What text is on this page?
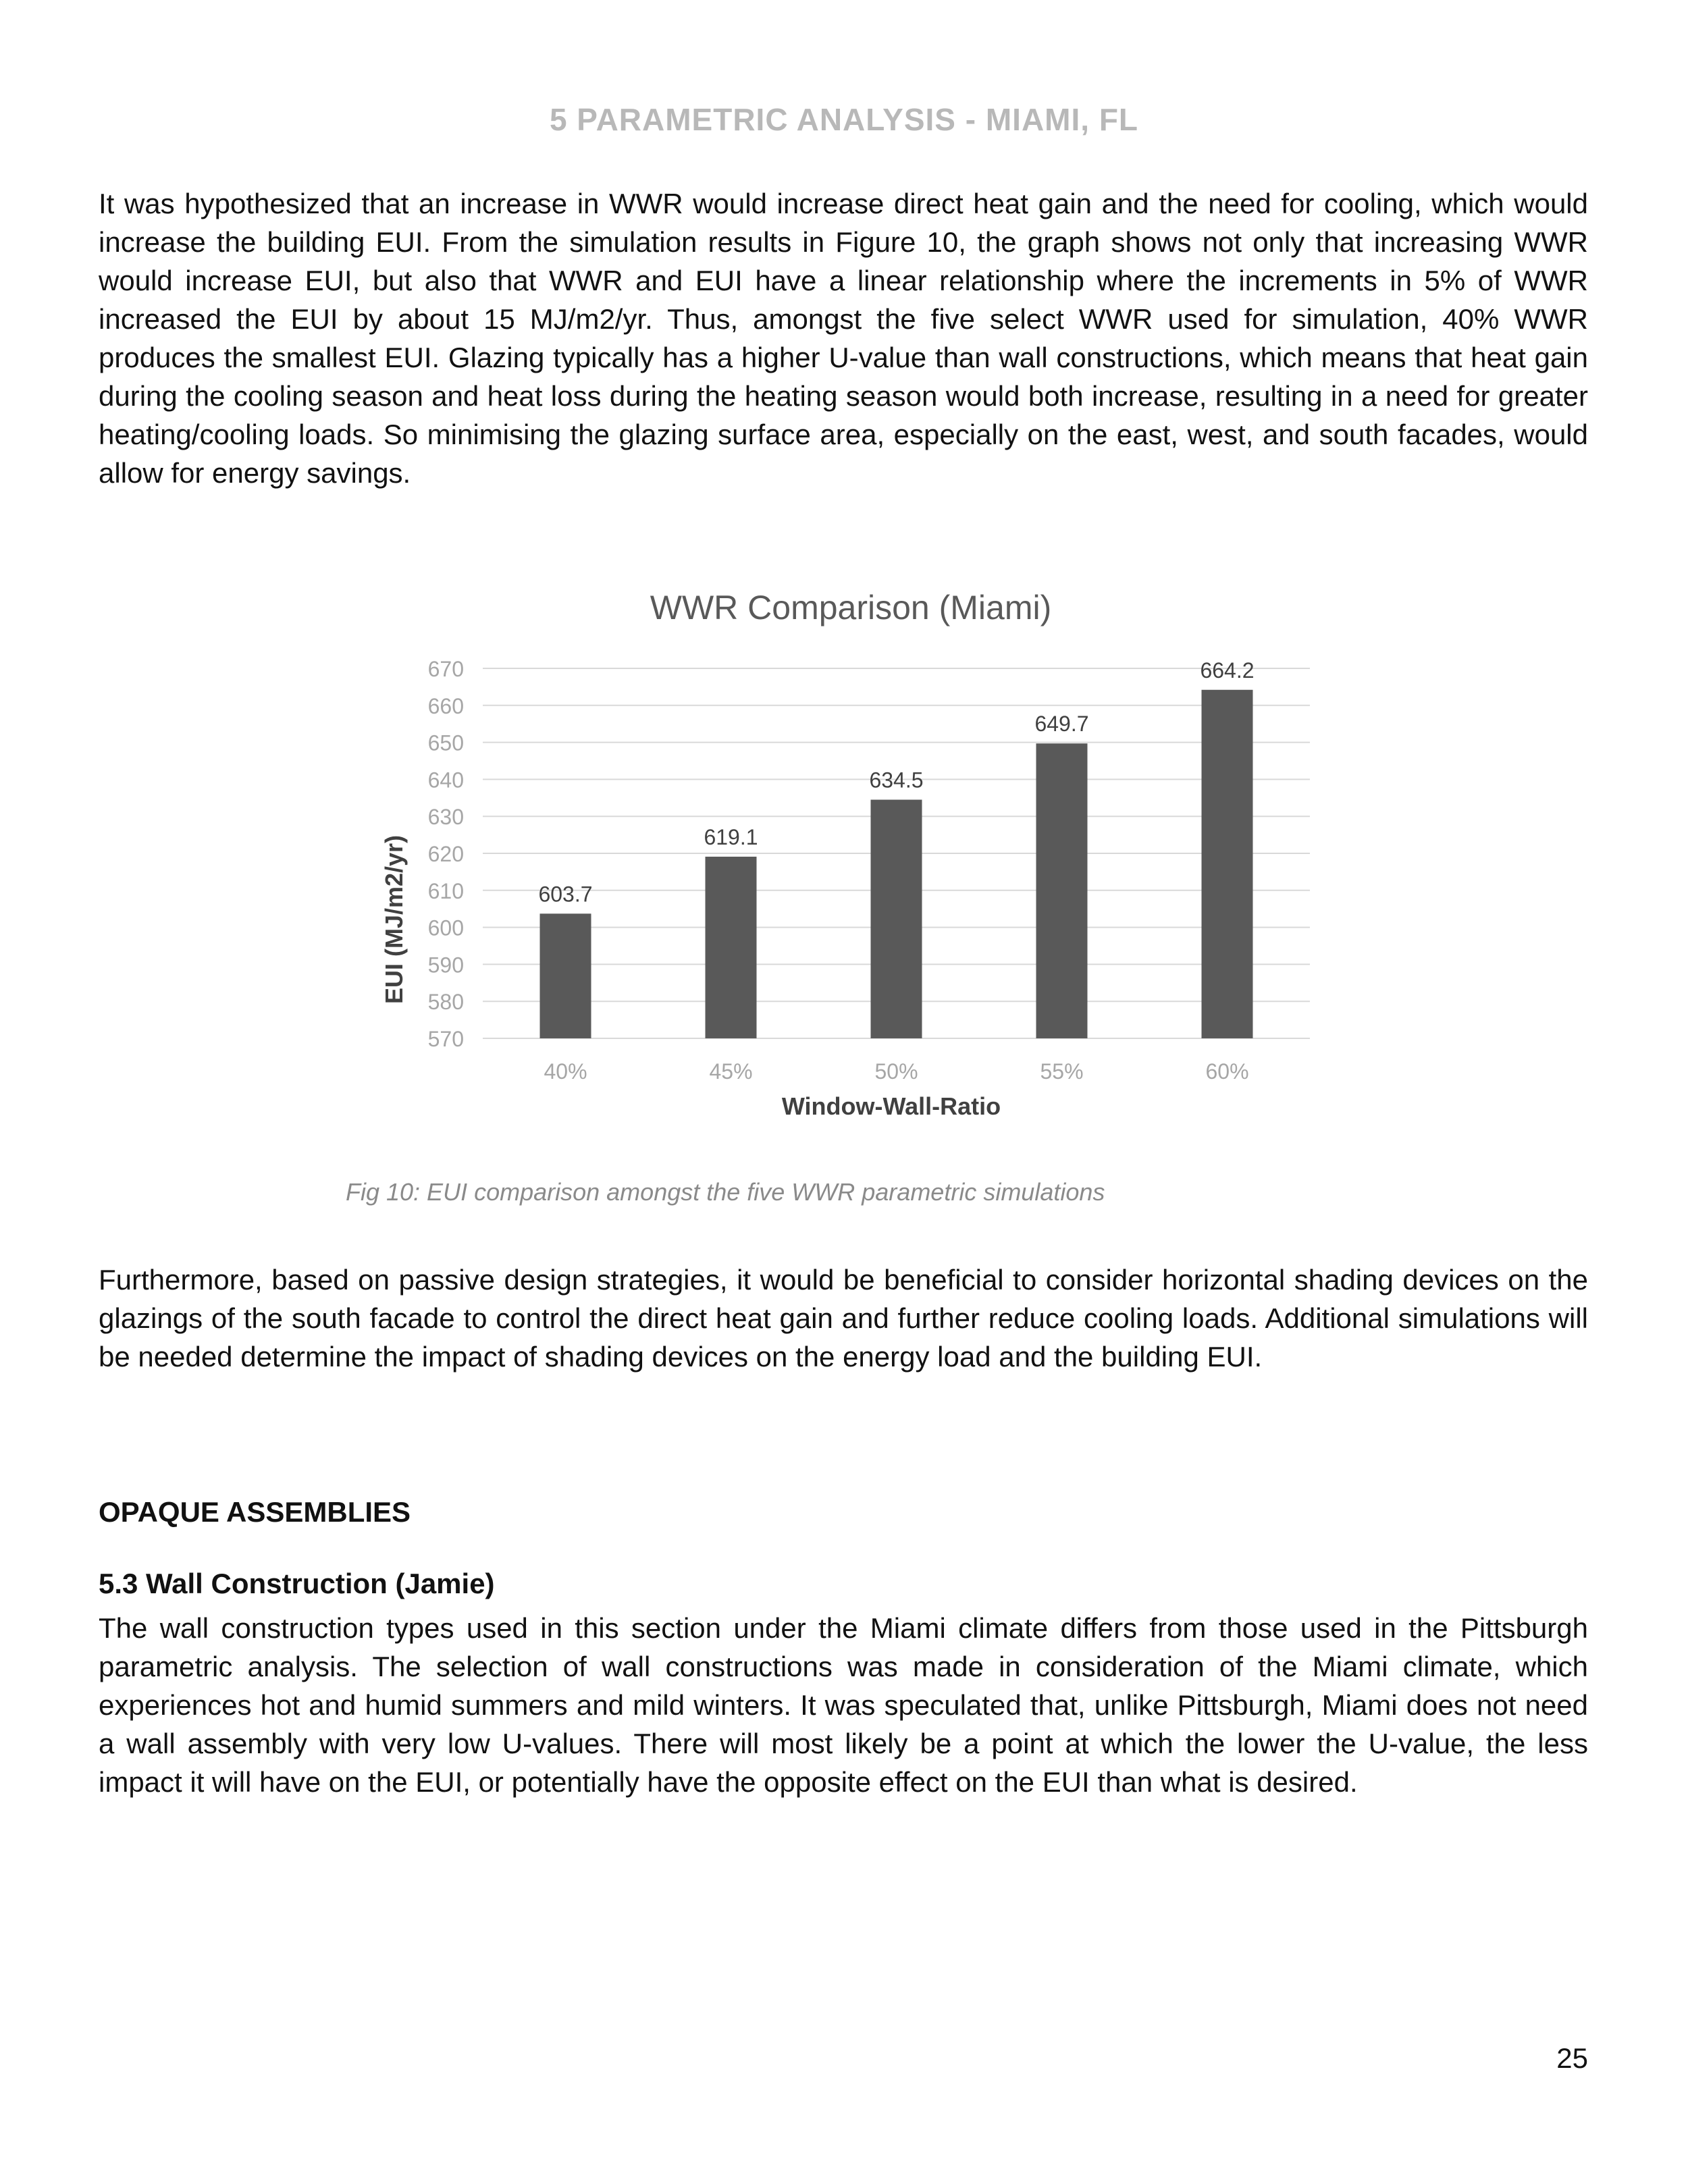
5 PARAMETRIC ANALYSIS - MIAMI, FL

It was hypothesized that an increase in WWR would increase direct heat gain and the need for cooling, which would increase the building EUI. From the simulation results in Figure 10, the graph shows not only that increasing WWR would increase EUI, but also that WWR and EUI have a linear relationship where the increments in 5% of WWR increased the EUI by about 15 MJ/m2/yr. Thus, amongst the five select WWR used for simulation, 40% WWR produces the smallest EUI. Glazing typically has a higher U-value than wall constructions, which means that heat gain during the cooling season and heat loss during the heating season would both increase, resulting in a need for greater heating/cooling loads. So minimising the glazing surface area, especially on the east, west, and south facades, would allow for energy savings.

WWR Comparison (Miami)
570
580
590
600
610
620
630
640
650
660
670
603.7
40%
619.1
45%
634.5
50%
649.7
55%
664.2
60%
Window-Wall-Ratio
EUI (MJ/m2/yr)

Fig 10: EUI comparison amongst the five WWR parametric simulations

Furthermore, based on passive design strategies, it would be beneficial to consider horizontal shading devices on the glazings of the south facade to control the direct heat gain and further reduce cooling loads. Additional simulations will be needed determine the impact of shading devices on the energy load and the building EUI.

OPAQUE ASSEMBLIES
5.3 Wall Construction (Jamie)

The wall construction types used in this section under the Miami climate differs from those used in the Pittsburgh parametric analysis. The selection of wall constructions was made in consideration of the Miami climate, which experiences hot and humid summers and mild winters. It was speculated that, unlike Pittsburgh, Miami does not need a wall assembly with very low U-values. There will most likely be a point at which the lower the U-value, the less impact it will have on the EUI, or potentially have the opposite effect on the EUI than what is desired.

25
